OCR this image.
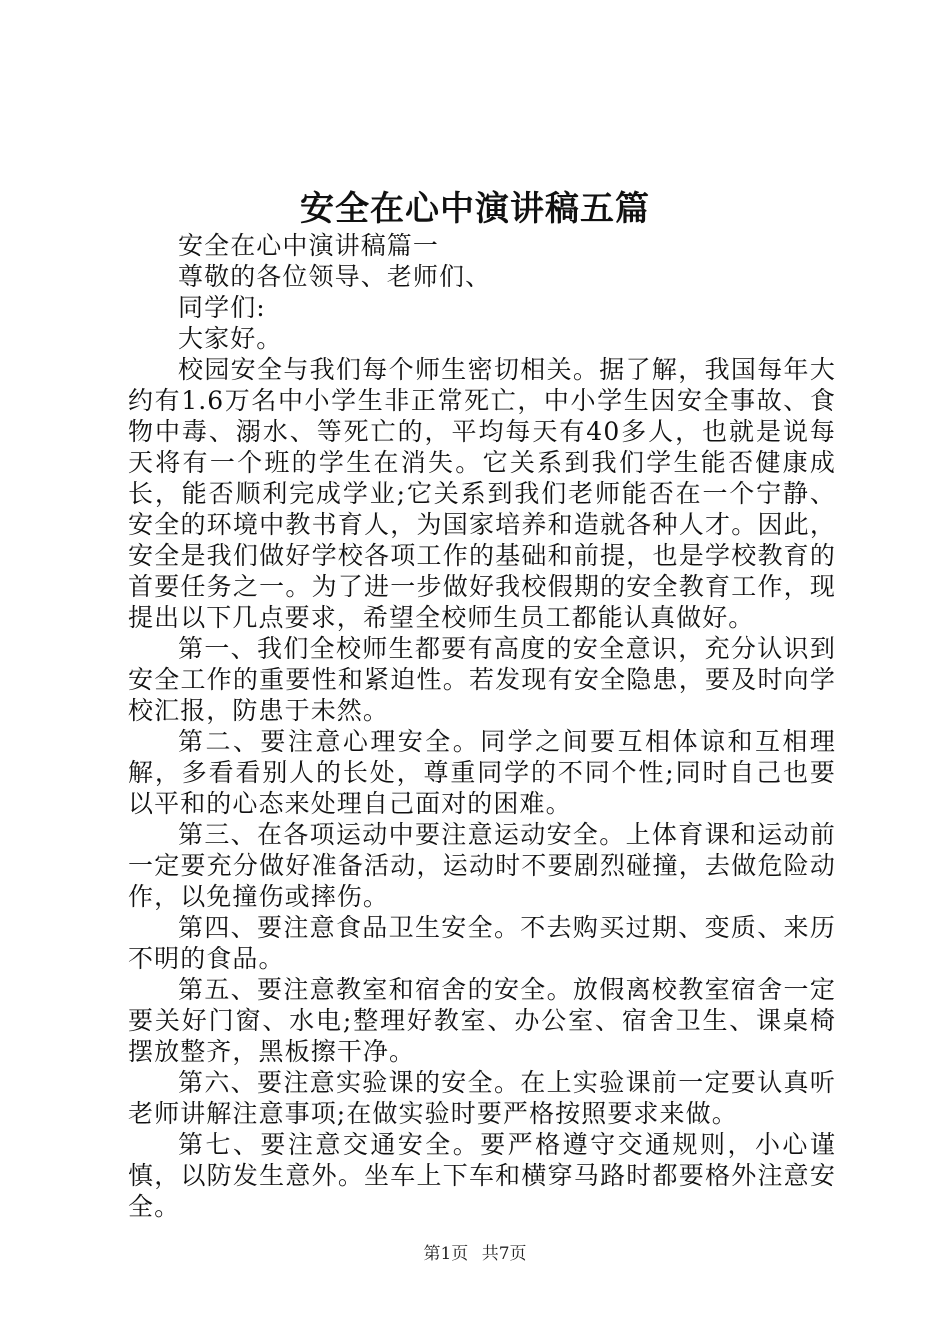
安全在心中演讲稿五篇

安全在心中演讲稿篇一

尊敬的各位领导、老师们、

同学们:

大家好。

校园安全与我们每个师生密切相关。据了解，我国每年大约有1.6万名中小学生非正常死亡，中小学生因安全事故、食物中毒、溺水、等死亡的，平均每天有40多人，也就是说每天将有一个班的学生在消失。它关系到我们学生能否健康成长，能否顺利完成学业;它关系到我们老师能否在一个宁静、安全的环境中教书育人，为国家培养和造就各种人才。因此，安全是我们做好学校各项工作的基础和前提，也是学校教育的首要任务之一。为了进一步做好我校假期的安全教育工作，现提出以下几点要求，希望全校师生员工都能认真做好。

第一、我们全校师生都要有高度的安全意识，充分认识到安全工作的重要性和紧迫性。若发现有安全隐患，要及时向学校汇报，防患于未然。

第二、要注意心理安全。同学之间要互相体谅和互相理解，多看看别人的长处，尊重同学的不同个性;同时自己也要以平和的心态来处理自己面对的困难。

第三、在各项运动中要注意运动安全。上体育课和运动前一定要充分做好准备活动，运动时不要剧烈碰撞，去做危险动作，以免撞伤或摔伤。

第四、要注意食品卫生安全。不去购买过期、变质、来历不明的食品。

第五、要注意教室和宿舍的安全。放假离校教室宿舍一定要关好门窗、水电;整理好教室、办公室、宿舍卫生、课桌椅摆放整齐，黑板擦干净。

第六、要注意实验课的安全。在上实验课前一定要认真听老师讲解注意事项;在做实验时要严格按照要求来做。

第七、要注意交通安全。要严格遵守交通规则，小心谨慎，以防发生意外。坐车上下车和横穿马路时都要格外注意安全。

第1页 共7页
